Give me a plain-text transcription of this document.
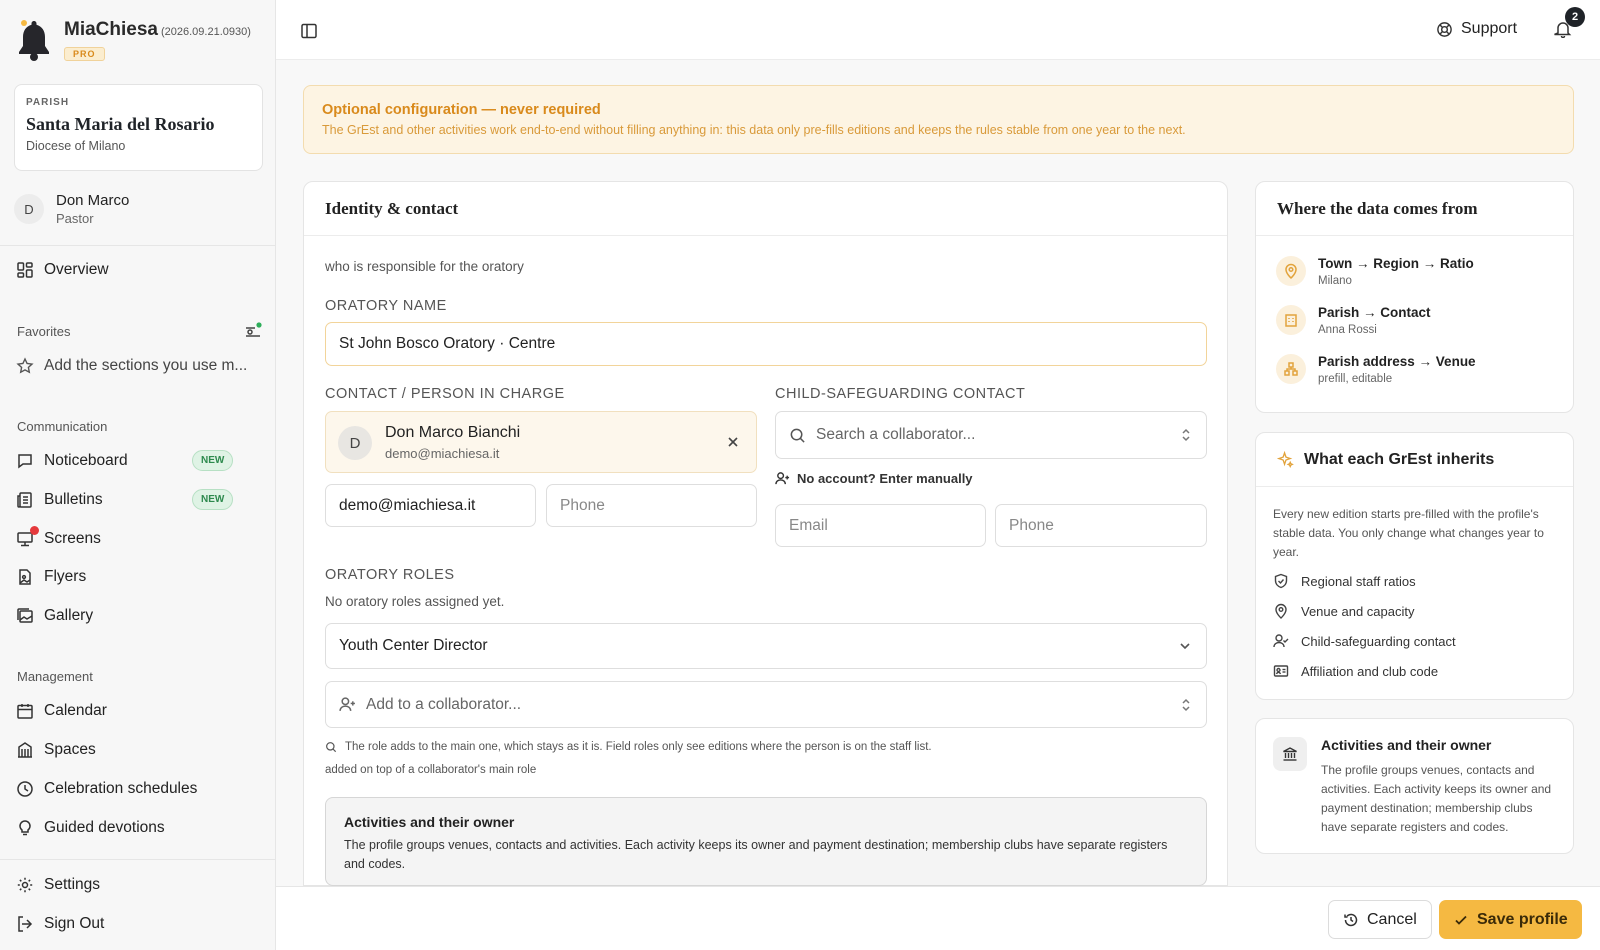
MiaChiesa (2026.09.21.0930)
PRO
PARISH
Santa Maria del Rosario
Diocese of Milano
D	Don Marco
Pastor
Overview
Favorites
Add the sections you use m...
Communication
Noticeboard	NEW
Bulletins	NEW
Screens
Flyers
Gallery
Management
Calendar
Spaces
Celebration schedules
Guided devotions
Settings
Sign Out
Support
2
Optional configuration — never required
The GrEst and other activities work end-to-end without filling anything in: this data only pre-fills editions and keeps the rules stable from one year to the next.
Identity & contact
who is responsible for the oratory
ORATORY NAME
St John Bosco Oratory · Centre
CONTACT / PERSON IN CHARGE
D
Don Marco Bianchi
demo@miachiesa.it
demo@miachiesa.it	Phone
CHILD-SAFEGUARDING CONTACT
Search a collaborator...
No account? Enter manually
Email	Phone
ORATORY ROLES
No oratory roles assigned yet.
Youth Center Director
Add to a collaborator...
The role adds to the main one, which stays as it is. Field roles only see editions where the person is on the staff list.
added on top of a collaborator's main role
Activities and their owner
The profile groups venues, contacts and activities. Each activity keeps its owner and payment destination; membership clubs have separate registers and codes.
Where the data comes from
Town → Region → Ratio
Milano
Parish → Contact
Anna Rossi
Parish address → Venue
prefill, editable
What each GrEst inherits
Every new edition starts pre-filled with the profile's stable data. You only change what changes year to year.
Regional staff ratios
Venue and capacity
Child-safeguarding contact
Affiliation and club code
Activities and their owner
The profile groups venues, contacts and activities. Each activity keeps its owner and payment destination; membership clubs have separate registers and codes.
Cancel	Save profile
